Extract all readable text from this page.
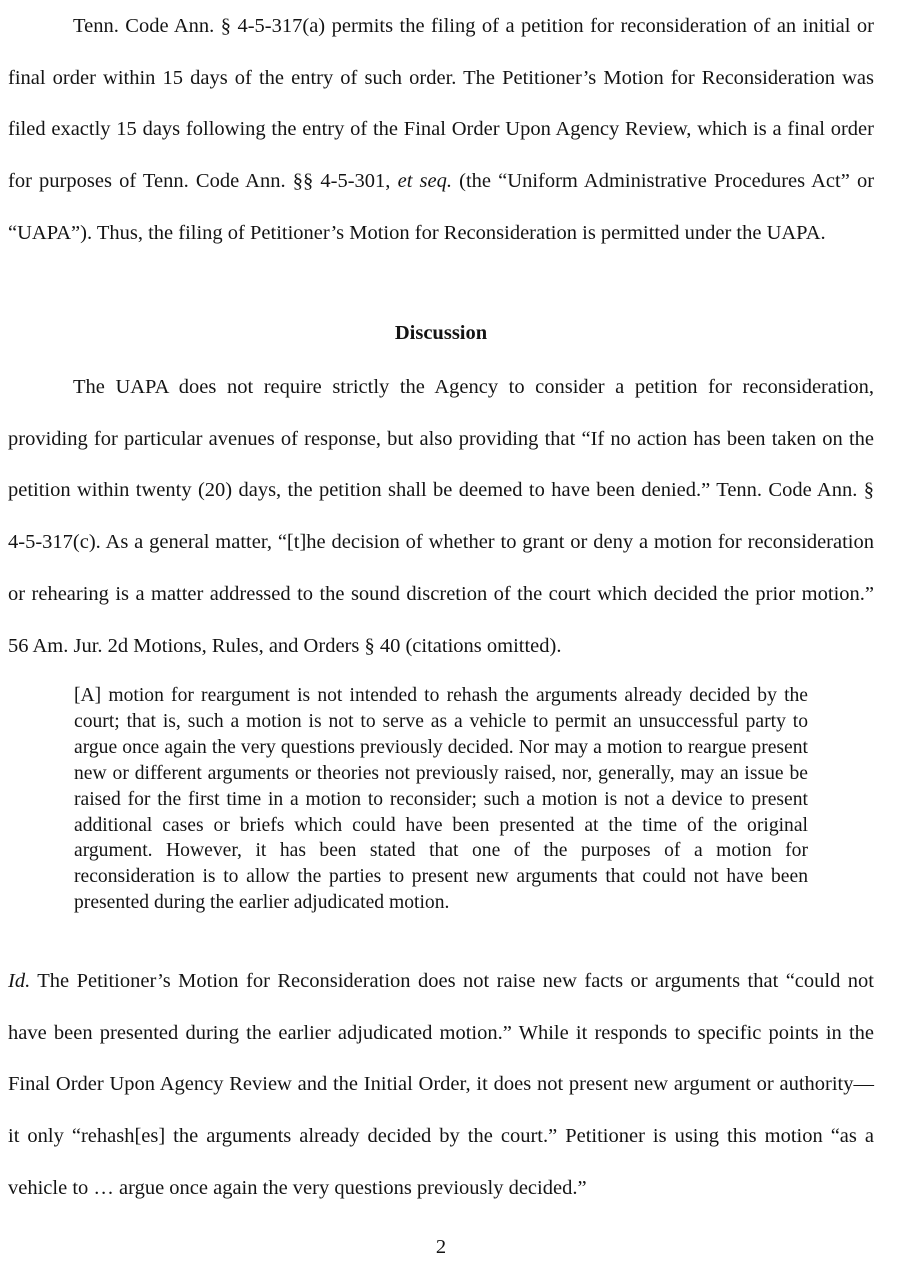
Tenn. Code Ann. § 4-5-317(a) permits the filing of a petition for reconsideration of an initial or final order within 15 days of the entry of such order. The Petitioner’s Motion for Reconsideration was filed exactly 15 days following the entry of the Final Order Upon Agency Review, which is a final order for purposes of Tenn. Code Ann. §§ 4-5-301, et seq. (the “Uniform Administrative Procedures Act” or “UAPA”). Thus, the filing of Petitioner’s Motion for Reconsideration is permitted under the UAPA.

Discussion

The UAPA does not require strictly the Agency to consider a petition for reconsideration, providing for particular avenues of response, but also providing that “If no action has been taken on the petition within twenty (20) days, the petition shall be deemed to have been denied.” Tenn. Code Ann. § 4-5-317(c). As a general matter, “[t]he decision of whether to grant or deny a motion for reconsideration or rehearing is a matter addressed to the sound discretion of the court which decided the prior motion.” 56 Am. Jur. 2d Motions, Rules, and Orders § 40 (citations omitted).

[A] motion for reargument is not intended to rehash the arguments already decided by the court; that is, such a motion is not to serve as a vehicle to permit an unsuccessful party to argue once again the very questions previously decided. Nor may a motion to reargue present new or different arguments or theories not previously raised, nor, generally, may an issue be raised for the first time in a motion to reconsider; such a motion is not a device to present additional cases or briefs which could have been presented at the time of the original argument. However, it has been stated that one of the purposes of a motion for reconsideration is to allow the parties to present new arguments that could not have been presented during the earlier adjudicated motion.

Id. The Petitioner’s Motion for Reconsideration does not raise new facts or arguments that “could not have been presented during the earlier adjudicated motion.” While it responds to specific points in the Final Order Upon Agency Review and the Initial Order, it does not present new argument or authority—it only “rehash[es] the arguments already decided by the court.” Petitioner is using this motion “as a vehicle to … argue once again the very questions previously decided.”

2
